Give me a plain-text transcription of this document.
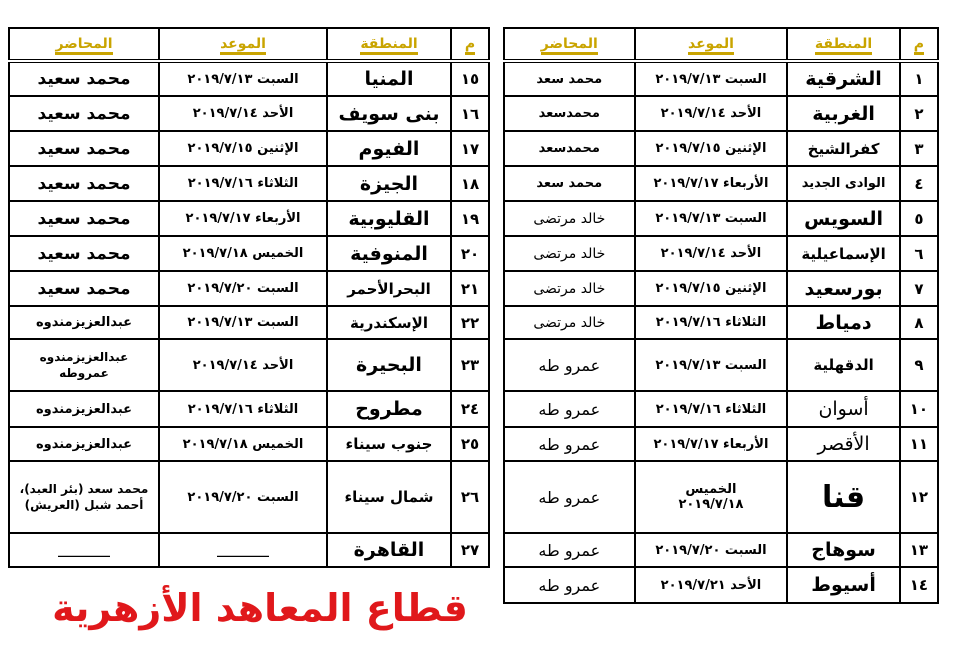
م	المنطقة	الموعد	المحاضر
١٥	المنيا	السبت ٢٠١٩/٧/١٣	محمد سعيد
١٦	بنى سويف	الأحد ٢٠١٩/٧/١٤	محمد سعيد
١٧	الفيوم	الإثنين ٢٠١٩/٧/١٥	محمد سعيد
١٨	الجيزة	الثلاثاء ٢٠١٩/٧/١٦	محمد سعيد
١٩	القليوبية	الأربعاء ٢٠١٩/٧/١٧	محمد سعيد
٢٠	المنوفية	الخميس ٢٠١٩/٧/١٨	محمد سعيد
٢١	البحرالأحمر	السبت ٢٠١٩/٧/٢٠	محمد سعيد
٢٢	الإسكندرية	السبت ٢٠١٩/٧/١٣	عبدالعزيزمندوه
٢٣	البحيرة	الأحد ٢٠١٩/٧/١٤	عبدالعزيزمندوه عمروطه
٢٤	مطروح	الثلاثاء ٢٠١٩/٧/١٦	عبدالعزيزمندوه
٢٥	جنوب سيناء	الخميس ٢٠١٩/٧/١٨	عبدالعزيزمندوه
٢٦	شمال سيناء	السبت ٢٠١٩/٧/٢٠	محمد سعد (بئر العبد)، أحمد شبل (العريش)
٢٧	القاهرة	________	________
م	المنطقة	الموعد	المحاضر
١	الشرقية	السبت ٢٠١٩/٧/١٣	محمد سعد
٢	الغربية	الأحد ٢٠١٩/٧/١٤	محمدسعد
٣	كفرالشيخ	الإثنين ٢٠١٩/٧/١٥	محمدسعد
٤	الوادى الجديد	الأربعاء ٢٠١٩/٧/١٧	محمد سعد
٥	السويس	السبت ٢٠١٩/٧/١٣	خالد مرتضى
٦	الإسماعيلية	الأحد ٢٠١٩/٧/١٤	خالد مرتضى
٧	بورسعيد	الإثنين ٢٠١٩/٧/١٥	خالد مرتضى
٨	دمياط	الثلاثاء ٢٠١٩/٧/١٦	خالد مرتضى
٩	الدقهلية	السبت ٢٠١٩/٧/١٣	عمرو طه
١٠	أسوان	الثلاثاء ٢٠١٩/٧/١٦	عمرو طه
١١	الأقصر	الأربعاء ٢٠١٩/٧/١٧	عمرو طه
١٢	قنا	الخميس ٢٠١٩/٧/١٨	عمرو طه
١٣	سوهاج	السبت ٢٠١٩/٧/٢٠	عمرو طه
١٤	أسيوط	الأحد ٢٠١٩/٧/٢١	عمرو طه
قطاع المعاهد الأزهرية
